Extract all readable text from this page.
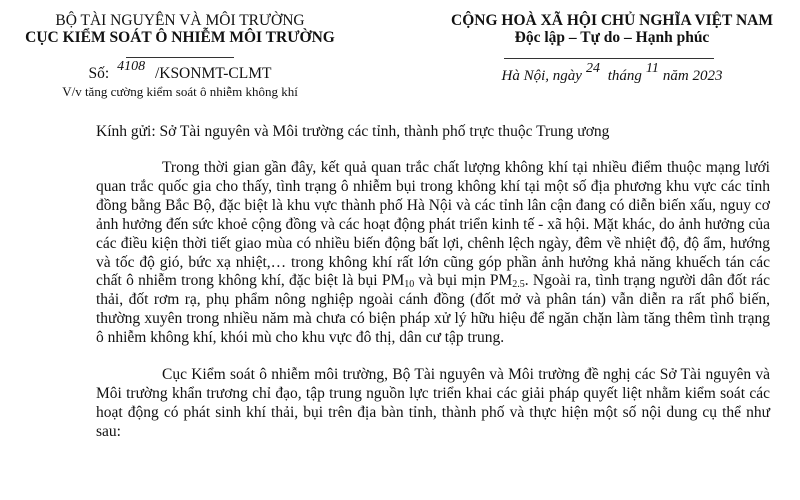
BỘ TÀI NGUYÊN VÀ MÔI TRƯỜNG
CỤC KIỂM SOÁT Ô NHIỄM MÔI TRƯỜNG
Số: 4108 /KSONMT-CLMT
V/v tăng cường kiểm soát ô nhiễm không khí
CỘNG HOÀ XÃ HỘI CHỦ NGHĨA VIỆT NAM
Độc lập – Tự do – Hạnh phúc
Hà Nội, ngày 24 tháng 11 năm 2023
Kính gửi: Sở Tài nguyên và Môi trường các tỉnh, thành phố trực thuộc Trung ương

Trong thời gian gần đây, kết quả quan trắc chất lượng không khí tại nhiều điểm thuộc mạng lưới quan trắc quốc gia cho thấy, tình trạng ô nhiễm bụi trong không khí tại một số địa phương khu vực các tỉnh đồng bằng Bắc Bộ, đặc biệt là khu vực thành phố Hà Nội và các tỉnh lân cận đang có diễn biến xấu, nguy cơ ảnh hưởng đến sức khoẻ cộng đồng và các hoạt động phát triển kinh tế - xã hội. Mặt khác, do ảnh hưởng của các điều kiện thời tiết giao mùa có nhiều biến động bất lợi, chênh lệch ngày, đêm về nhiệt độ, độ ẩm, hướng và tốc độ gió, bức xạ nhiệt,… trong không khí rất lớn cũng góp phần ảnh hưởng khả năng khuếch tán các chất ô nhiễm trong không khí, đặc biệt là bụi $PM_{10}$ và bụi mịn $PM_{2.5}$. Ngoài ra, tình trạng người dân đốt rác thải, đốt rơm rạ, phụ phẩm nông nghiệp ngoài cánh đồng (đốt mở và phân tán) vẫn diễn ra rất phổ biến, thường xuyên trong nhiều năm mà chưa có biện pháp xử lý hữu hiệu để ngăn chặn làm tăng thêm tình trạng ô nhiễm không khí, khói mù cho khu vực đô thị, dân cư tập trung.

Cục Kiểm soát ô nhiễm môi trường, Bộ Tài nguyên và Môi trường đề nghị các Sở Tài nguyên và Môi trường khẩn trương chỉ đạo, tập trung nguồn lực triển khai các giải pháp quyết liệt nhằm kiểm soát các hoạt động có phát sinh khí thải, bụi trên địa bàn tỉnh, thành phố và thực hiện một số nội dung cụ thể như sau:
